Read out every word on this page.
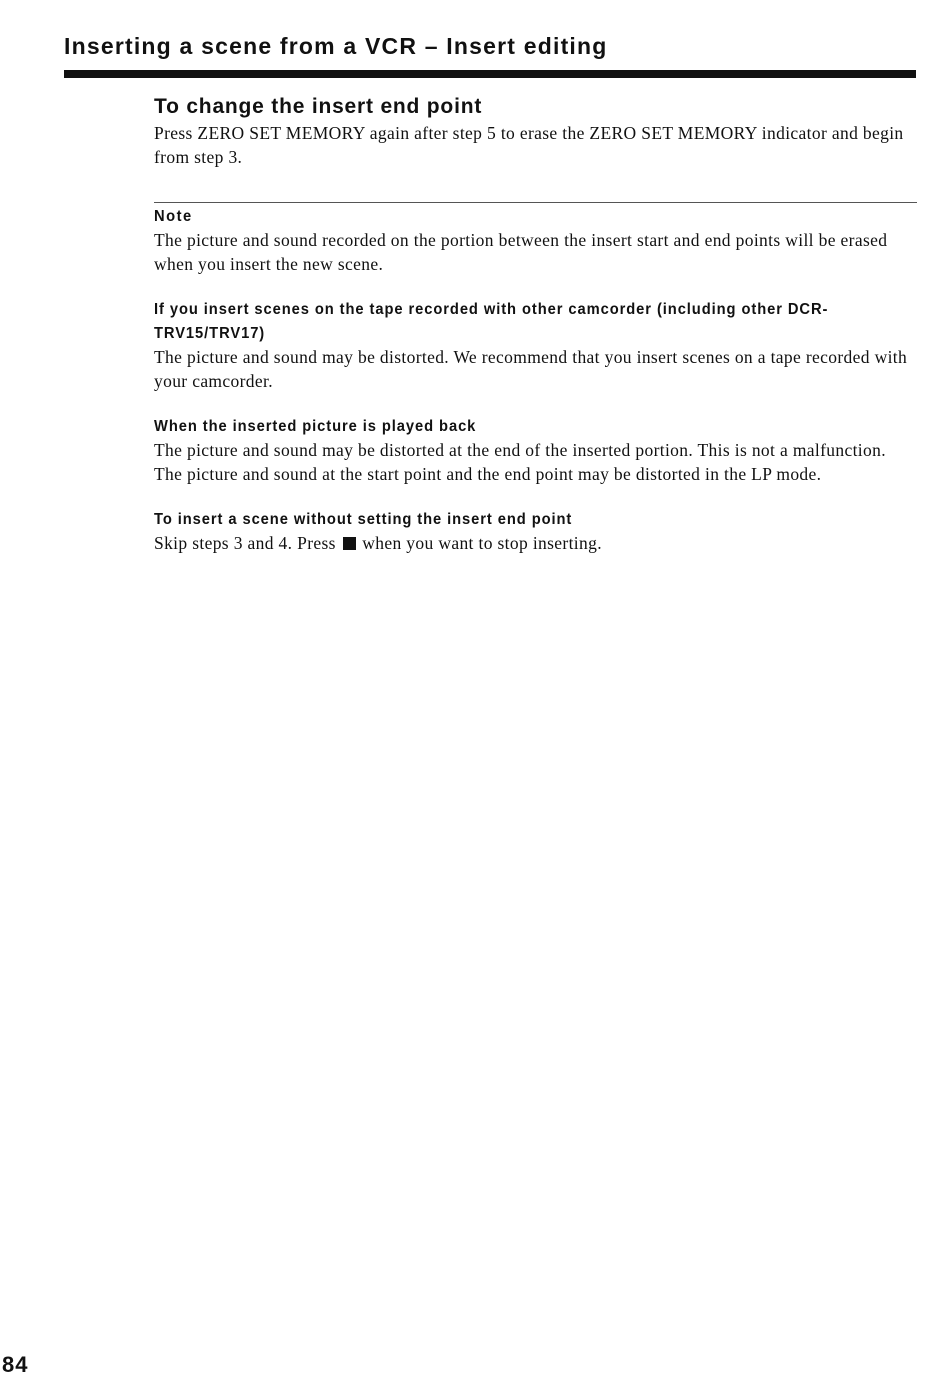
Inserting a scene from a VCR – Insert editing
To change the insert end point

Press ZERO SET MEMORY again after step 5 to erase the ZERO SET MEMORY indicator and begin from step 3.

Note

The picture and sound recorded on the portion between the insert start and end points will be erased when you insert the new scene.

If you insert scenes on the tape recorded with other camcorder (including other DCR-TRV15/TRV17)

The picture and sound may be distorted. We recommend that you insert scenes on a tape recorded with your camcorder.

When the inserted picture is played back

The picture and sound may be distorted at the end of the inserted portion. This is not a malfunction.

The picture and sound at the start point and the end point may be distorted in the LP mode.

To insert a scene without setting the insert end point

Skip steps 3 and 4. Press when you want to stop inserting.

84
